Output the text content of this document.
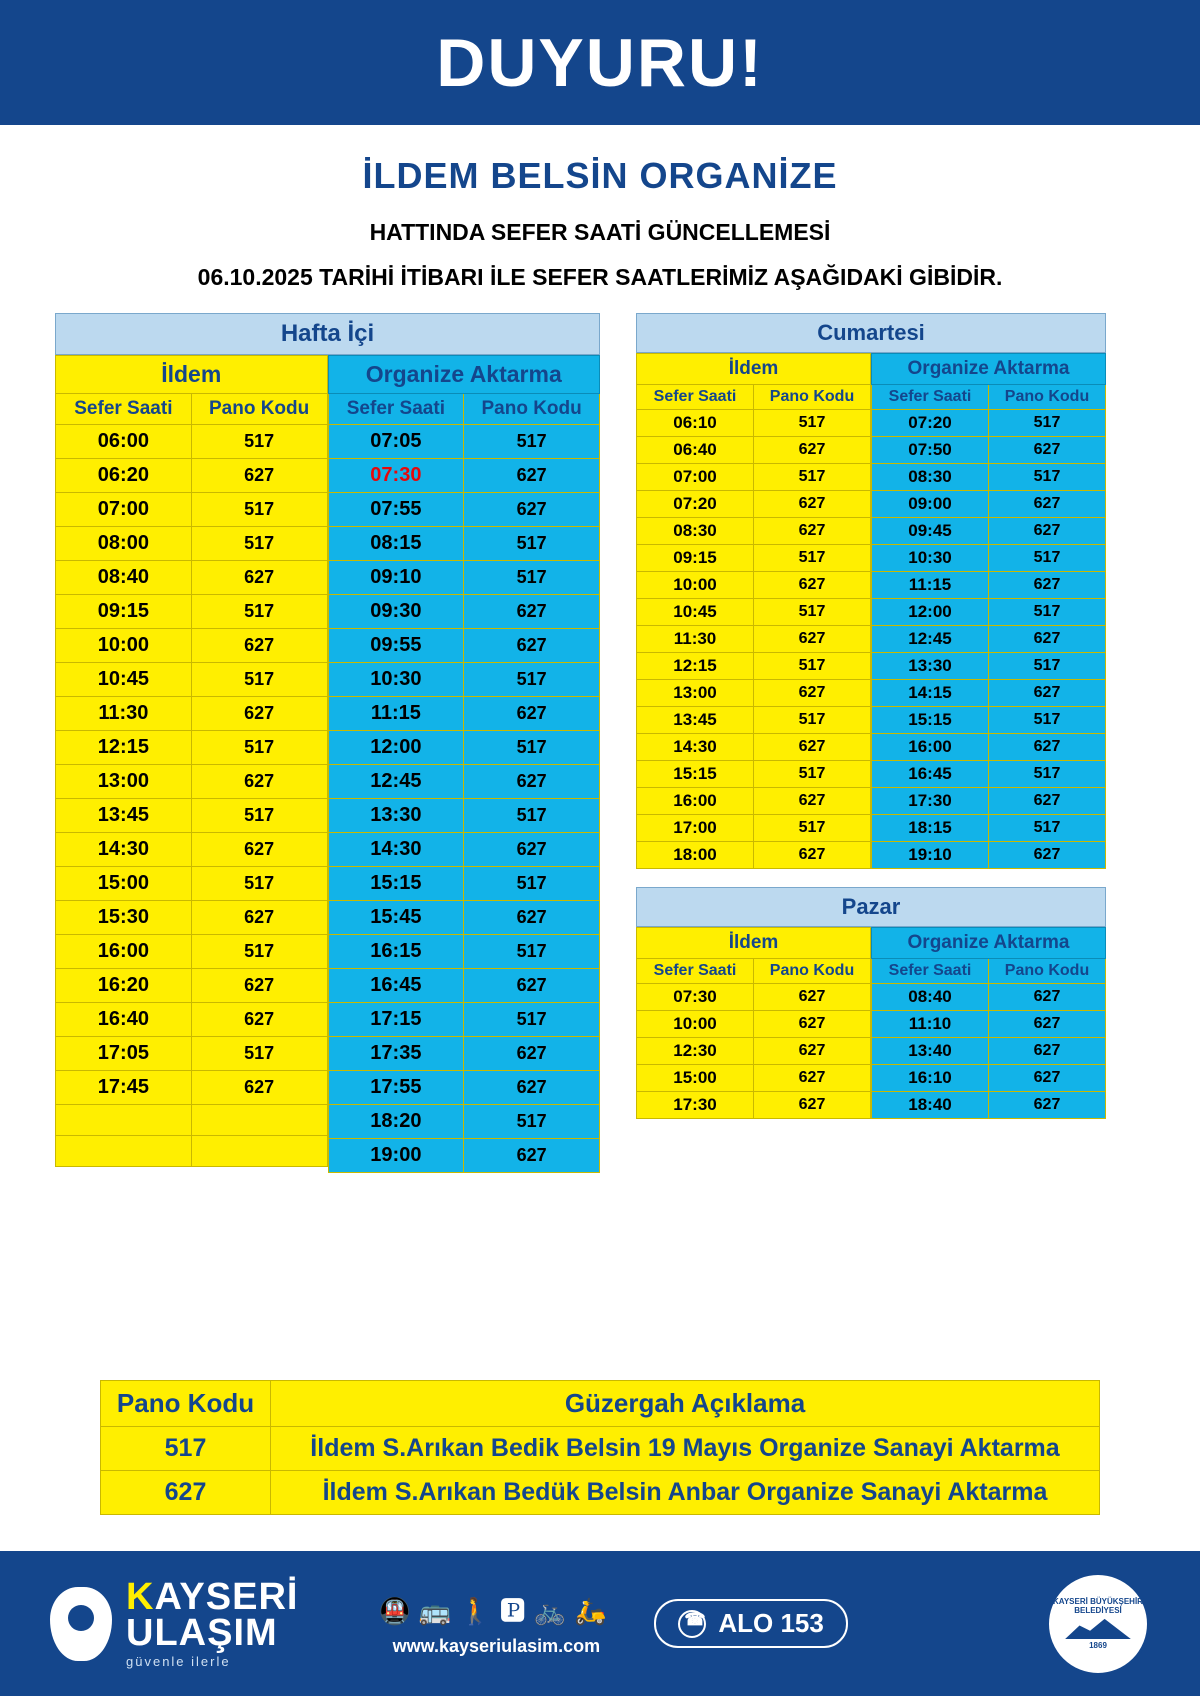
DUYURU!
İLDEM BELSİN ORGANİZE
HATTINDA SEFER SAATİ GÜNCELLEMESİ
06.10.2025 TARİHİ İTİBARI İLE SEFER SAATLERİMİZ AŞAĞIDAKİ GİBİDİR.
Hafta İçi
İldem	
Sefer Saati	Pano Kodu
06:00	517
06:20	627
07:00	517
08:00	517
08:40	627
09:15	517
10:00	627
10:45	517
11:30	627
12:15	517
13:00	627
13:45	517
14:30	627
15:00	517
15:30	627
16:00	517
16:20	627
16:40	627
17:05	517
17:45	627

Organize Aktarma	
Sefer Saati	Pano Kodu
07:05	517
07:30	627
07:55	627
08:15	517
09:10	517
09:30	627
09:55	627
10:30	517
11:15	627
12:00	517
12:45	627
13:30	517
14:30	627
15:15	517
15:45	627
16:15	517
16:45	627
17:15	517
17:35	627
17:55	627
18:20	517
19:00	627
Cumartesi
İldem	
Sefer Saati	Pano Kodu
06:10	517
06:40	627
07:00	517
07:20	627
08:30	627
09:15	517
10:00	627
10:45	517
11:30	627
12:15	517
13:00	627
13:45	517
14:30	627
15:15	517
16:00	627
17:00	517
18:00	627
Organize Aktarma	
Sefer Saati	Pano Kodu
07:20	517
07:50	627
08:30	517
09:00	627
09:45	627
10:30	517
11:15	627
12:00	517
12:45	627
13:30	517
14:15	627
15:15	517
16:00	627
16:45	517
17:30	627
18:15	517
19:10	627
Pazar
İldem	
Sefer Saati	Pano Kodu
07:30	627
10:00	627
12:30	627
15:00	627
17:30	627
Organize Aktarma	
Sefer Saati	Pano Kodu
08:40	627
11:10	627
13:40	627
16:10	627
18:40	627
Pano Kodu	Güzergah Açıklama
517	İldem S.Arıkan Bedik Belsin 19 Mayıs Organize Sanayi Aktarma
627	İldem S.Arıkan Bedük Belsin Anbar Organize Sanayi Aktarma
KAYSERİ
ULAŞIM
güvenle ilerle
🚇🚌🚶🅿🚲🛵
www.kayseriulasim.com
☎
ALO 153
KAYSERİ BÜYÜKŞEHİR BELEDİYESİ
1869
